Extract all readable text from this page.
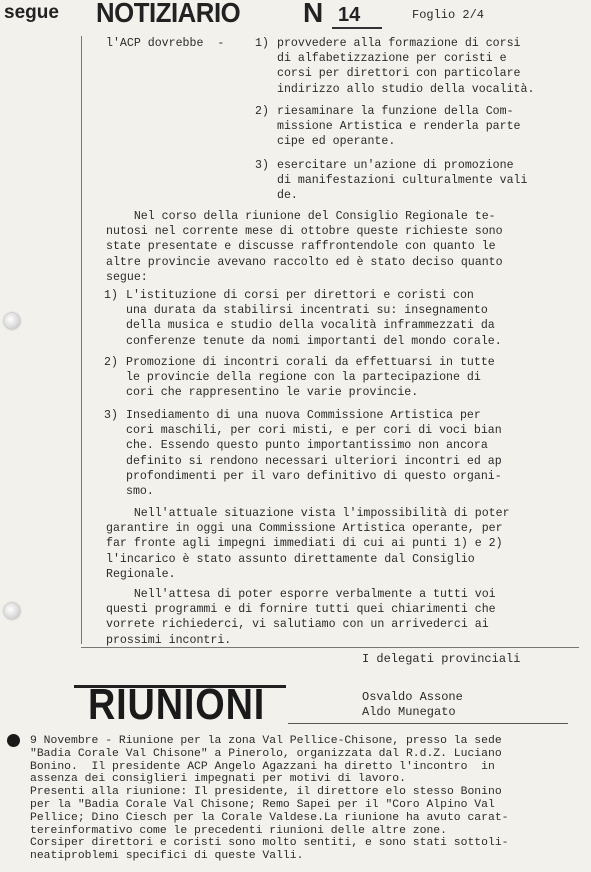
segue NOTIZIARIO N 14	Foglio 2/4
l'ACP dovrebbe  -	1) provvedere alla formazione di corsi
di alfabetizzazione per coristi e
corsi per direttori con particolare
indirizzo allo studio della vocalità.
2) riesaminare la funzione della Com-
missione Artistica e renderla parte
cipe ed operante.
3) esercitare un'azione di promozione
di manifestazioni culturalmente vali
de.
Nel corso della riunione del Consiglio Regionale te-
nutosi nel corrente mese di ottobre queste richieste sono
state presentate e discusse raffrontendole con quanto le
altre provincie avevano raccolto ed è stato deciso quanto
segue:
1) L'istituzione di corsi per direttori e coristi con
una durata da stabilirsi incentrati su: insegnamento
della musica e studio della vocalità inframmezzati da
conferenze tenute da nomi importanti del mondo corale.
2) Promozione di incontri corali da effettuarsi in tutte
le provincie della regione con la partecipazione di
cori che rappresentino le varie provincie.
3) Insediamento di una nuova Commissione Artistica per
cori maschili, per cori misti, e per cori di voci bian
che. Essendo questo punto importantissimo non ancora
definito si rendono necessari ulteriori incontri ed ap
profondimenti per il varo definitivo di questo organi-
smo.
Nell'attuale situazione vista l'impossibilità di poter
garantire in oggi una Commissione Artistica operante, per
far fronte agli impegni immediati di cui ai punti 1) e 2)
l'incarico è stato assunto direttamente dal Consiglio
Regionale.
Nell'attesa di poter esporre verbalmente a tutti voi
questi programmi e di fornire tutti quei chiarimenti che
vorrete richiederci, vi salutiamo con un arrivederci ai
prossimi incontri.
I delegati provinciali
Osvaldo Assone
Aldo Munegato
RIUNIONI
9 Novembre - Riunione per la zona Val Pellice-Chisone, presso la sede
"Badia Corale Val Chisone" a Pinerolo, organizzata dal R.d.Z. Luciano
Bonino.  Il presidente ACP Angelo Agazzani ha diretto l'incontro  in
assenza dei consiglieri impegnati per motivi di lavoro.
Presenti alla riunione: Il presidente, il direttore elo stesso Bonino
per la "Badia Corale Val Chisone; Remo Sapei per il "Coro Alpino Val
Pellice; Dino Ciesch per la Corale Valdese.La riunione ha avuto carat-
tereinformativo come le precedenti riunioni delle altre zone.
Corsiper direttori e coristi sono molto sentiti, e sono stati sottoli-
neatiproblemi specifici di queste Valli.
